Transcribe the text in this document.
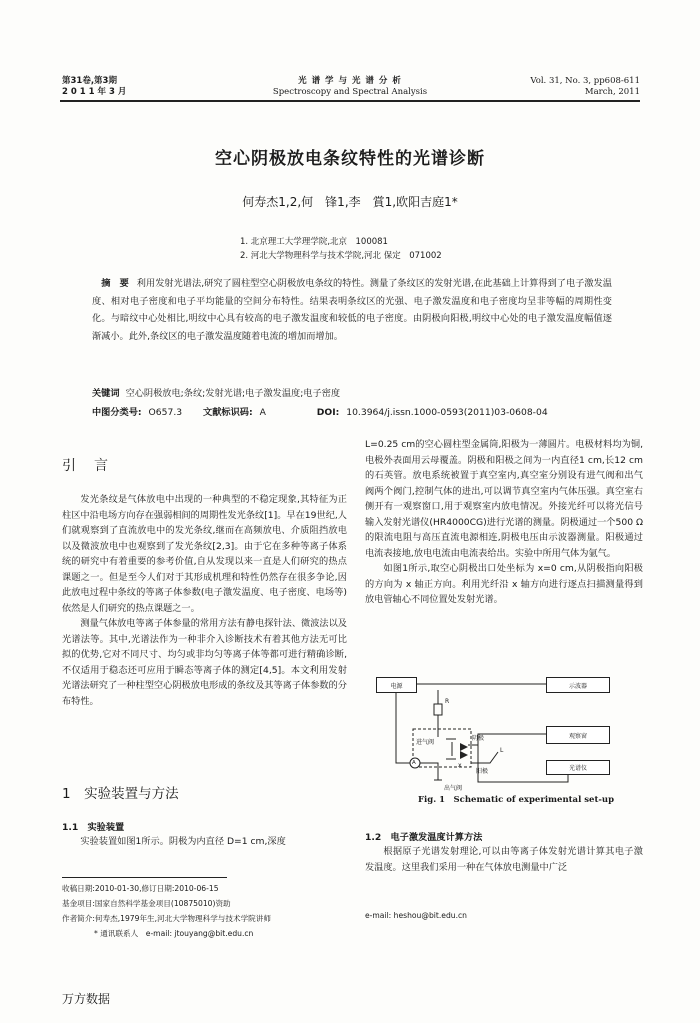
第31卷,第3期
2 0 1 1 年 3 月
光 谱 学 与 光 谱 分 析
Spectroscopy and Spectral Analysis
Vol. 31, No. 3, pp608-611
March, 2011
空心阴极放电条纹特性的光谱诊断
何寿杰1,2,何　锋1,李　賞1,欧阳吉庭1*
1. 北京理工大学理学院,北京　100081
2. 河北大学物理科学与技术学院,河北 保定　071002
摘　要 利用发射光谱法,研究了圆柱型空心阴极放电条纹的特性。测量了条纹区的发射光谱,在此基础上计算得到了电子激发温度、相对电子密度和电子平均能量的空间分布特性。结果表明条纹区的光强、电子激发温度和电子密度均呈非等幅的周期性变化。与暗纹中心处相比,明纹中心具有较高的电子激发温度和较低的电子密度。由阴极向阳极,明纹中心处的电子激发温度幅值逐渐减小。此外,条纹区的电子激发温度随着电流的增加而增加。
关键词 空心阴极放电;条纹;发射光谱;电子激发温度;电子密度
中图分类号: O657.3 文献标识码: A	DOI: 10.3964/j.issn.1000-0593(2011)03-0608-04
引　言

发光条纹是气体放电中出现的一种典型的不稳定现象,其特征为正柱区中沿电场方向存在强弱相间的周期性发光条纹[1]。早在19世纪,人们就观察到了直流放电中的发光条纹,继而在高频放电、介质阻挡放电以及微波放电中也观察到了发光条纹[2,3]。由于它在多种等离子体系统的研究中有着重要的参考价值,自从发现以来一直是人们研究的热点课题之一。但是至今人们对于其形成机理和特性仍然存在很多争论,因此放电过程中条纹的等离子体参数(电子激发温度、电子密度、电场等)依然是人们研究的热点课题之一。

测量气体放电等离子体参量的常用方法有静电探针法、微波法以及光谱法等。其中,光谱法作为一种非介入诊断技术有着其他方法无可比拟的优势,它对不同尺寸、均匀或非均匀等离子体等都可进行精确诊断,不仅适用于稳态还可应用于瞬态等离子体的测定[4,5]。本文利用发射光谱法研究了一种柱型空心阴极放电形成的条纹及其等离子体参数的分布特性。

1　实验装置与方法
1.1　实验装置

实验装置如图1所示。阴极为内直径 D=1 cm,深度

L=0.25 cm的空心圆柱型金属筒,阳极为一薄圆片。电极材料均为铜,电极外表面用云母覆盖。阴极和阳极之间为一内直径1 cm,长12 cm的石英管。放电系统被置于真空室内,真空室分别设有进气阀和出气阀两个阀门,控制气体的进出,可以调节真空室内气体压强。真空室右侧开有一观察窗口,用于观察室内放电情况。外接光纤可以将光信号输入发射光谱仪(HR4000CG)进行光谱的测量。阴极通过一个500 Ω的限流电阻与高压直流电源相连,阴极电压由示波器测量。阳极通过电流表接地,放电电流由电流表给出。实验中所用气体为氩气。

如图1所示,取空心阴极出口处坐标为 x=0 cm,从阴极指向阳极的方向为 x 轴正方向。利用光纤沿 x 轴方向进行逐点扫描测量得到放电管轴心不同位置处发射光谱。

电源	示波器
观察窗
光谱仪
R
进气阀
阴极
阳极
L
A
出气阀
x
Fig. 1　Schematic of experimental set-up
1.2　电子激发温度计算方法

根据原子光谱发射理论,可以由等离子体发射光谱计算其电子激发温度。这里我们采用一种在气体放电测量中广泛

收稿日期:2010-01-30,修订日期:2010-06-15
基金项目:国家自然科学基金项目(10875010)资助
作者简介:何寿杰,1979年生,河北大学物理科学与技术学院讲师
* 通讯联系人　e-mail: jtouyang@bit.edu.cn
e-mail: heshou@bit.edu.cn
万方数据
